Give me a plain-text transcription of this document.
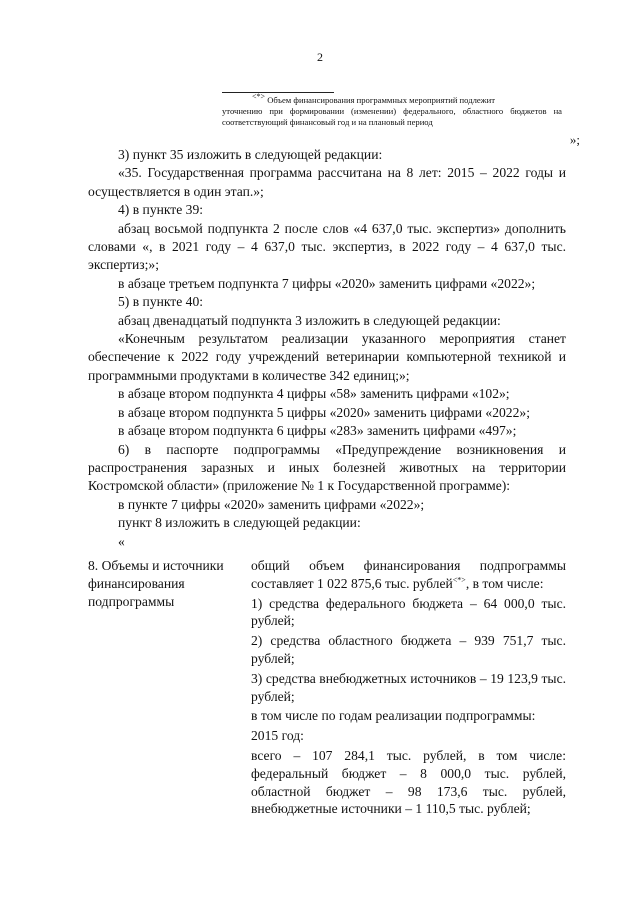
2
<*> Объем финансирования программных мероприятий подлежит
уточнению при формировании (изменении) федерального, областного бюджетов на соответствующий финансовый год и на плановый период
»;

3) пункт 35 изложить в следующей редакции:

«35. Государственная программа рассчитана на 8 лет: 2015 – 2022 годы и осуществляется в один этап.»;

4) в пункте 39:

абзац восьмой подпункта 2 после слов «4 637,0 тыс. экспертиз» дополнить словами «, в 2021 году – 4 637,0 тыс. экспертиз, в 2022 году – 4 637,0 тыс. экспертиз;»;

в абзаце третьем подпункта 7 цифры «2020» заменить цифрами «2022»;

5) в пункте 40:

абзац двенадцатый подпункта 3 изложить в следующей редакции:

«Конечным результатом реализации указанного мероприятия станет обеспечение к 2022 году учреждений ветеринарии компьютерной техникой и программными продуктами в количестве 342 единиц;»;

в абзаце втором подпункта 4 цифры «58» заменить цифрами «102»;

в абзаце втором подпункта 5 цифры «2020» заменить цифрами «2022»;

в абзаце втором подпункта 6 цифры «283» заменить цифрами «497»;

6) в паспорте подпрограммы «Предупреждение возникновения и распространения заразных и иных болезней животных на территории Костромской области» (приложение № 1 к Государственной программе):

в пункте 7 цифры «2020» заменить цифрами «2022»;

пункт 8 изложить в следующей редакции:

«

8. Объемы и источники финансирования подпрограммы

общий объем финансирования подпрограммы составляет 1 022 875,6 тыс. рублей<*>, в том числе:

1) средства федерального бюджета – 64 000,0 тыс. рублей;

2) средства областного бюджета – 939 751,7 тыс. рублей;

3) средства внебюджетных источников – 19 123,9 тыс. рублей;

в том числе по годам реализации подпрограммы:

2015 год:

всего – 107 284,1 тыс. рублей, в том числе: федеральный бюджет – 8 000,0 тыс. рублей, областной бюджет – 98 173,6 тыс. рублей, внебюджетные источники – 1 110,5 тыс. рублей;
